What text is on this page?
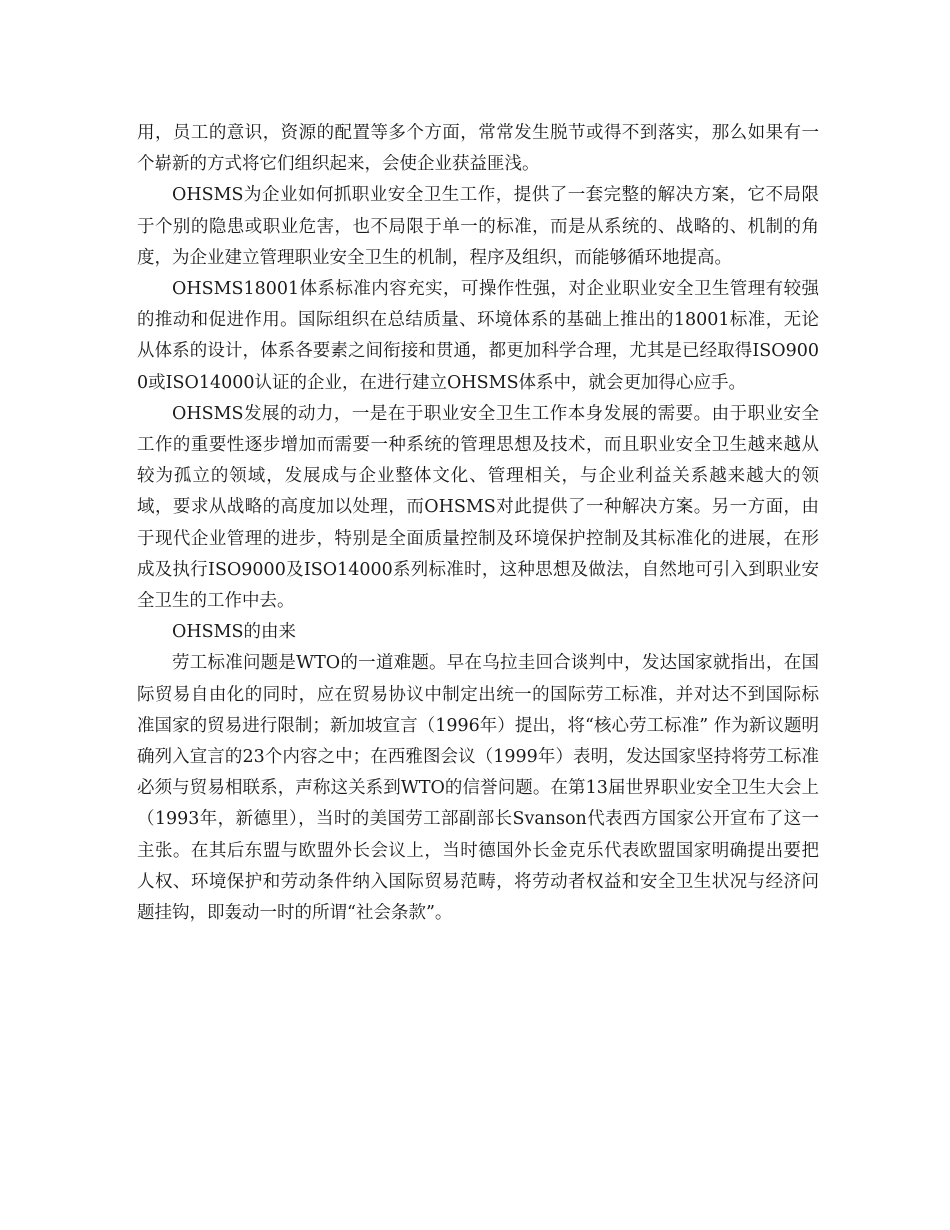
用，员工的意识，资源的配置等多个方面，常常发生脱节或得不到落实，那么如果有一个崭新的方式将它们组织起来，会使企业获益匪浅。

OHSMS为企业如何抓职业安全卫生工作，提供了一套完整的解决方案，它不局限于个别的隐患或职业危害，也不局限于单一的标准，而是从系统的、战略的、机制的角度，为企业建立管理职业安全卫生的机制，程序及组织，而能够循环地提高。

OHSMS18001体系标准内容充实，可操作性强，对企业职业安全卫生管理有较强的推动和促进作用。国际组织在总结质量、环境体系的基础上推出的18001标准，无论从体系的设计，体系各要素之间衔接和贯通，都更加科学合理，尤其是已经取得ISO9000或ISO14000认证的企业，在进行建立OHSMS体系中，就会更加得心应手。

OHSMS发展的动力，一是在于职业安全卫生工作本身发展的需要。由于职业安全工作的重要性逐步增加而需要一种系统的管理思想及技术，而且职业安全卫生越来越从较为孤立的领域，发展成与企业整体文化、管理相关，与企业利益关系越来越大的领域，要求从战略的高度加以处理，而OHSMS对此提供了一种解决方案。另一方面，由于现代企业管理的进步，特别是全面质量控制及环境保护控制及其标准化的进展，在形成及执行ISO9000及ISO14000系列标准时，这种思想及做法，自然地可引入到职业安全卫生的工作中去。

OHSMS的由来

劳工标准问题是WTO的一道难题。早在乌拉圭回合谈判中，发达国家就指出，在国际贸易自由化的同时，应在贸易协议中制定出统一的国际劳工标准，并对达不到国际标准国家的贸易进行限制；新加坡宣言（1996年）提出，将“核心劳工标准” 作为新议题明确列入宣言的23个内容之中；在西雅图会议（1999年）表明，发达国家坚持将劳工标准必须与贸易相联系，声称这关系到WTO的信誉问题。在第13届世界职业安全卫生大会上（1993年，新德里），当时的美国劳工部副部长Svanson代表西方国家公开宣布了这一主张。在其后东盟与欧盟外长会议上，当时德国外长金克乐代表欧盟国家明确提出要把人权、环境保护和劳动条件纳入国际贸易范畴，将劳动者权益和安全卫生状况与经济问题挂钩，即轰动一时的所谓“社会条款”。
